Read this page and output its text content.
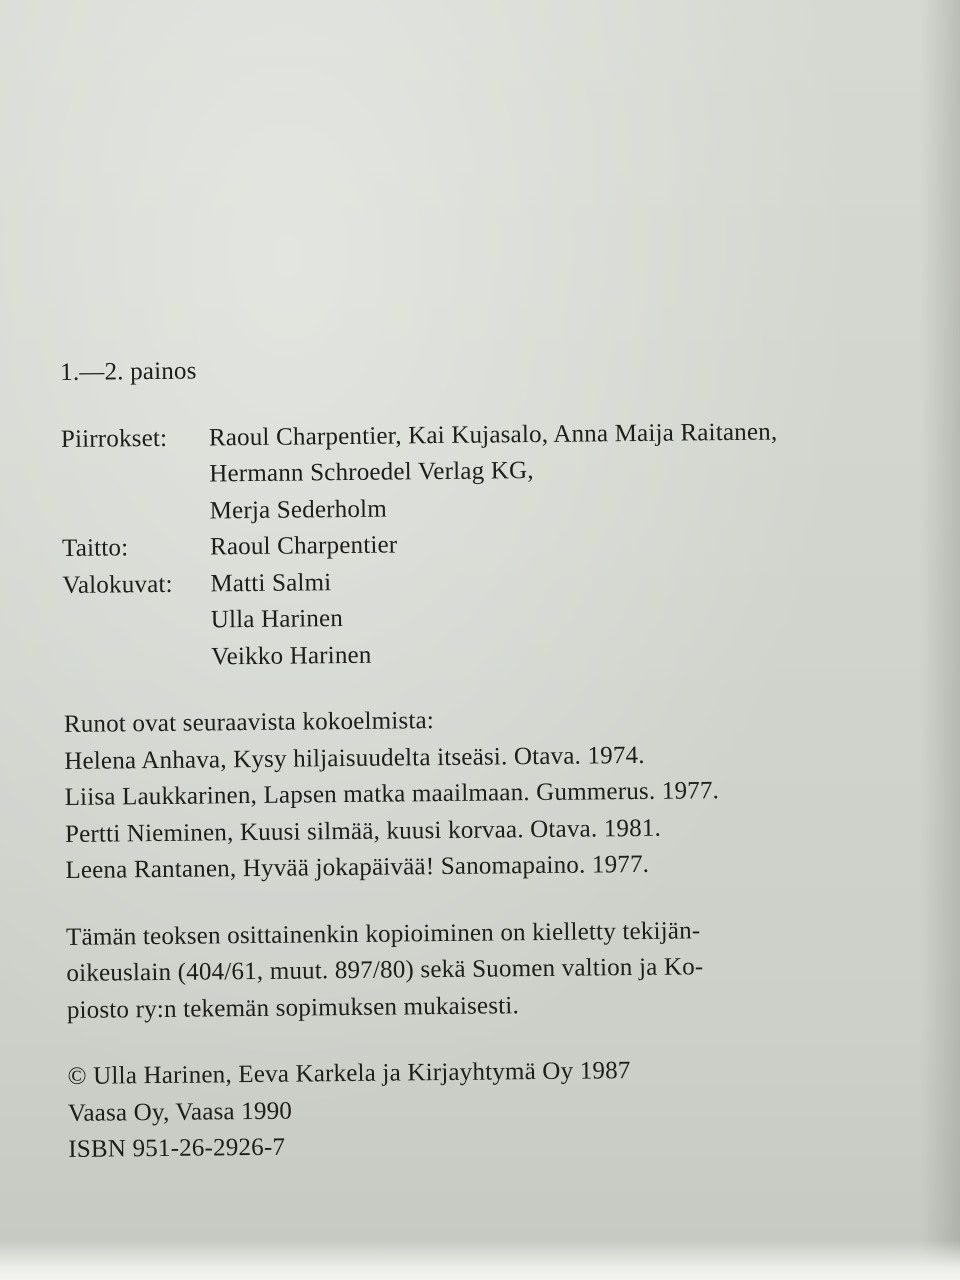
1.—2. painos

Piirrokset:	Raoul Charpentier, Kai Kujasalo, Anna Maija Raitanen,
Hermann Schroedel Verlag KG,
Merja Sederholm
Taitto:	Raoul Charpentier
Valokuvat:	Matti Salmi
Ulla Harinen
Veikko Harinen
Runot ovat seuraavista kokoelmista:
Helena Anhava, Kysy hiljaisuudelta itseäsi. Otava. 1974.
Liisa Laukkarinen, Lapsen matka maailmaan. Gummerus. 1977.
Pertti Nieminen, Kuusi silmää, kuusi korvaa. Otava. 1981.
Leena Rantanen, Hyvää jokapäivää! Sanomapaino. 1977.
Tämän teoksen osittainenkin kopioiminen on kielletty tekijän-
oikeuslain (404/61, muut. 897/80) sekä Suomen valtion ja Ko-
piosto ry:n tekemän sopimuksen mukaisesti.
© Ulla Harinen, Eeva Karkela ja Kirjayhtymä Oy 1987
Vaasa Oy, Vaasa 1990
ISBN 951-26-2926-7
